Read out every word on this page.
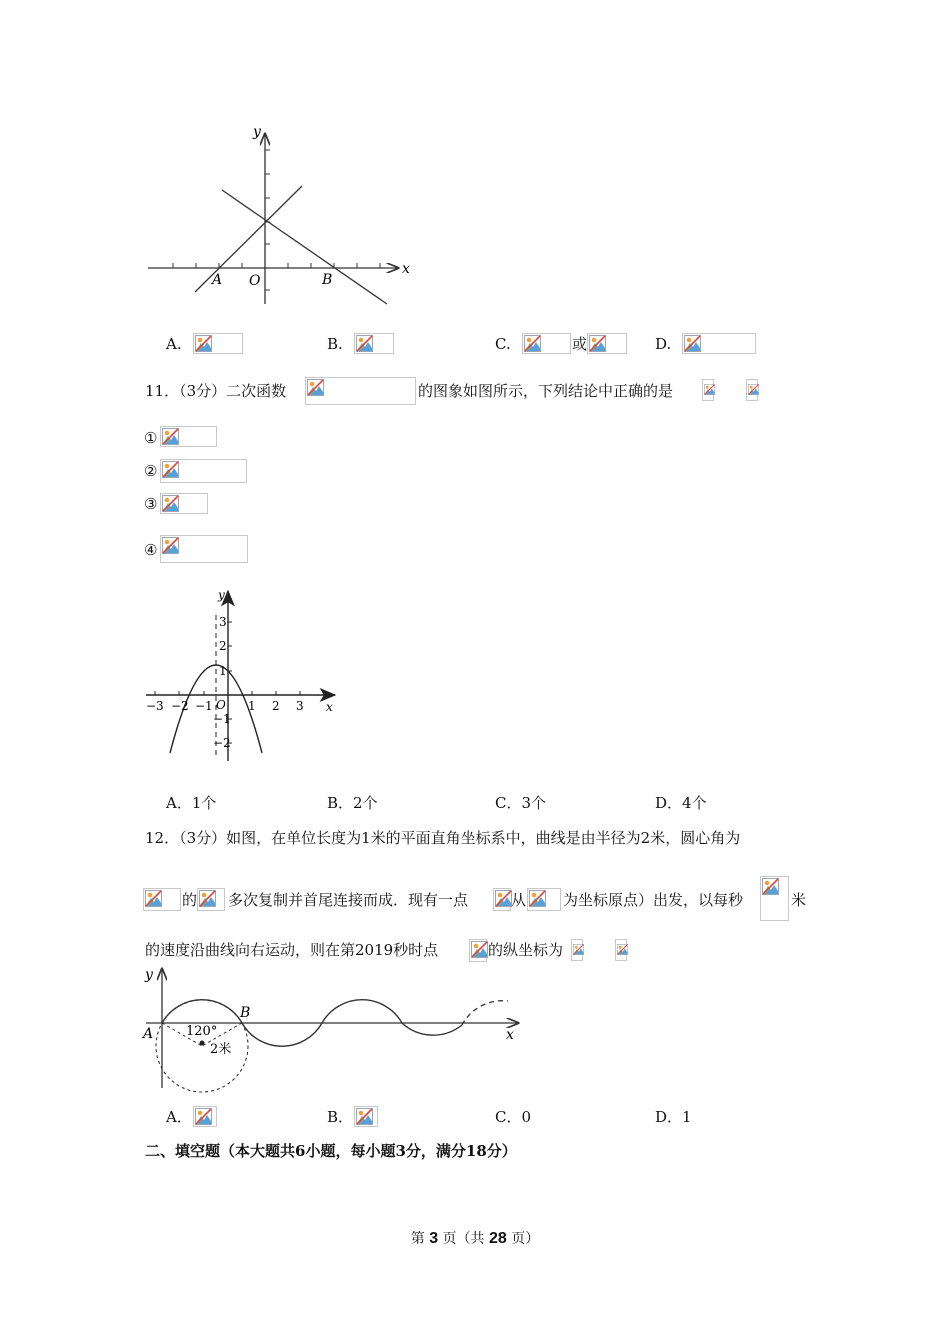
y
x
A O	B
A.	B.	C.	或	D.
11．（3分）二次函数	的图象如图所示，下列结论中正确的是
①
②
③
④
y
x
O
−3 −2 −1	1 2 3
3
2
1
−1
−2
A．1个	B．2个	C．3个	D．4个
12．（3分）如图，在单位长度为1米的平面直角坐标系中，曲线是由半径为2米，圆心角为
的 多次复制并首尾连接而成．现有一点	从 为坐标原点）出发，以每秒	米
的速度沿曲线向右运动，则在第2019秒时点	的纵坐标为
y
x
A
B
120°
2米
A．	B．	C．0	D．1
二、填空题（本大题共6小题，每小题3分，满分18分）
第 3 页（共 28 页）
